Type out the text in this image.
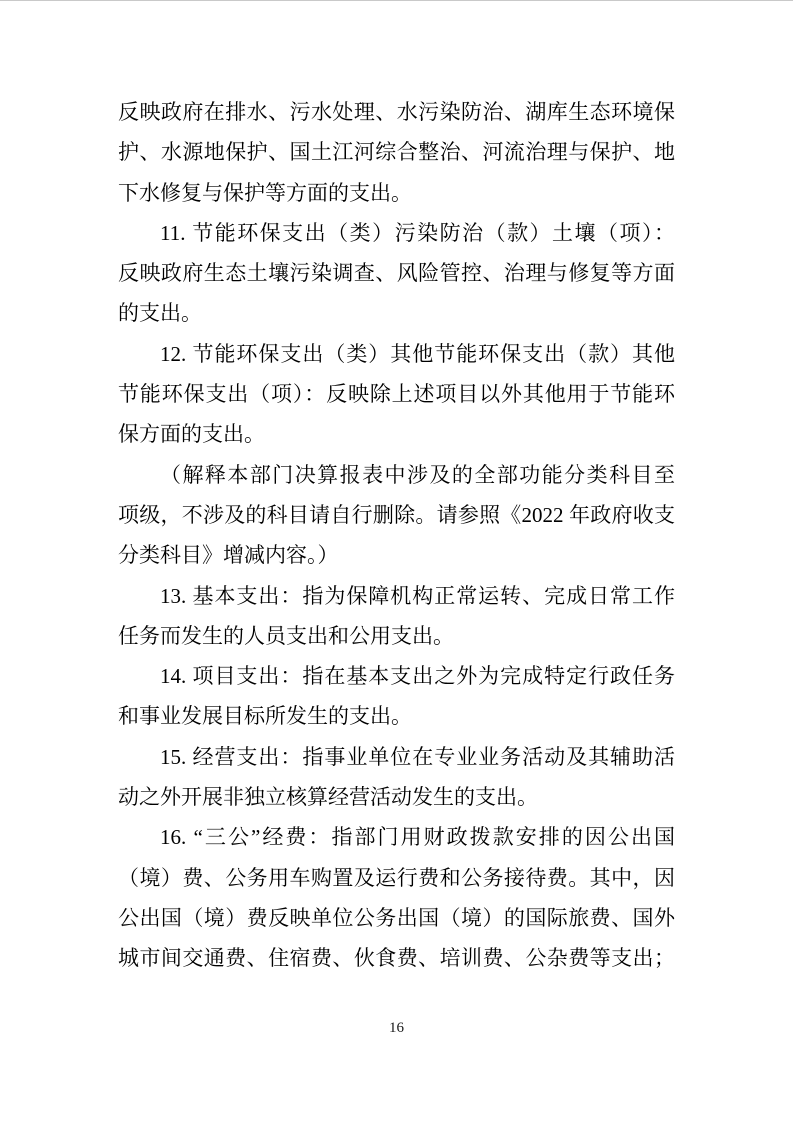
反映政府在排水、污水处理、水污染防治、湖库生态环境保
护、水源地保护、国土江河综合整治、河流治理与保护、地
下水修复与保护等方面的支出。
11. 节能环保支出（类）污染防治（款）土壤（项）：
反映政府生态土壤污染调查、风险管控、治理与修复等方面
的支出。
12. 节能环保支出（类）其他节能环保支出（款）其他
节能环保支出（项）：反映除上述项目以外其他用于节能环
保方面的支出。
（解释本部门决算报表中涉及的全部功能分类科目至
项级，不涉及的科目请自行删除。请参照《2022 年政府收支
分类科目》增减内容。）
13. 基本支出：指为保障机构正常运转、完成日常工作
任务而发生的人员支出和公用支出。
14. 项目支出：指在基本支出之外为完成特定行政任务
和事业发展目标所发生的支出。
15. 经营支出：指事业单位在专业业务活动及其辅助活
动之外开展非独立核算经营活动发生的支出。
16. “三公”经费：指部门用财政拨款安排的因公出国
（境）费、公务用车购置及运行费和公务接待费。其中，因
公出国（境）费反映单位公务出国（境）的国际旅费、国外
城市间交通费、住宿费、伙食费、培训费、公杂费等支出；
16
